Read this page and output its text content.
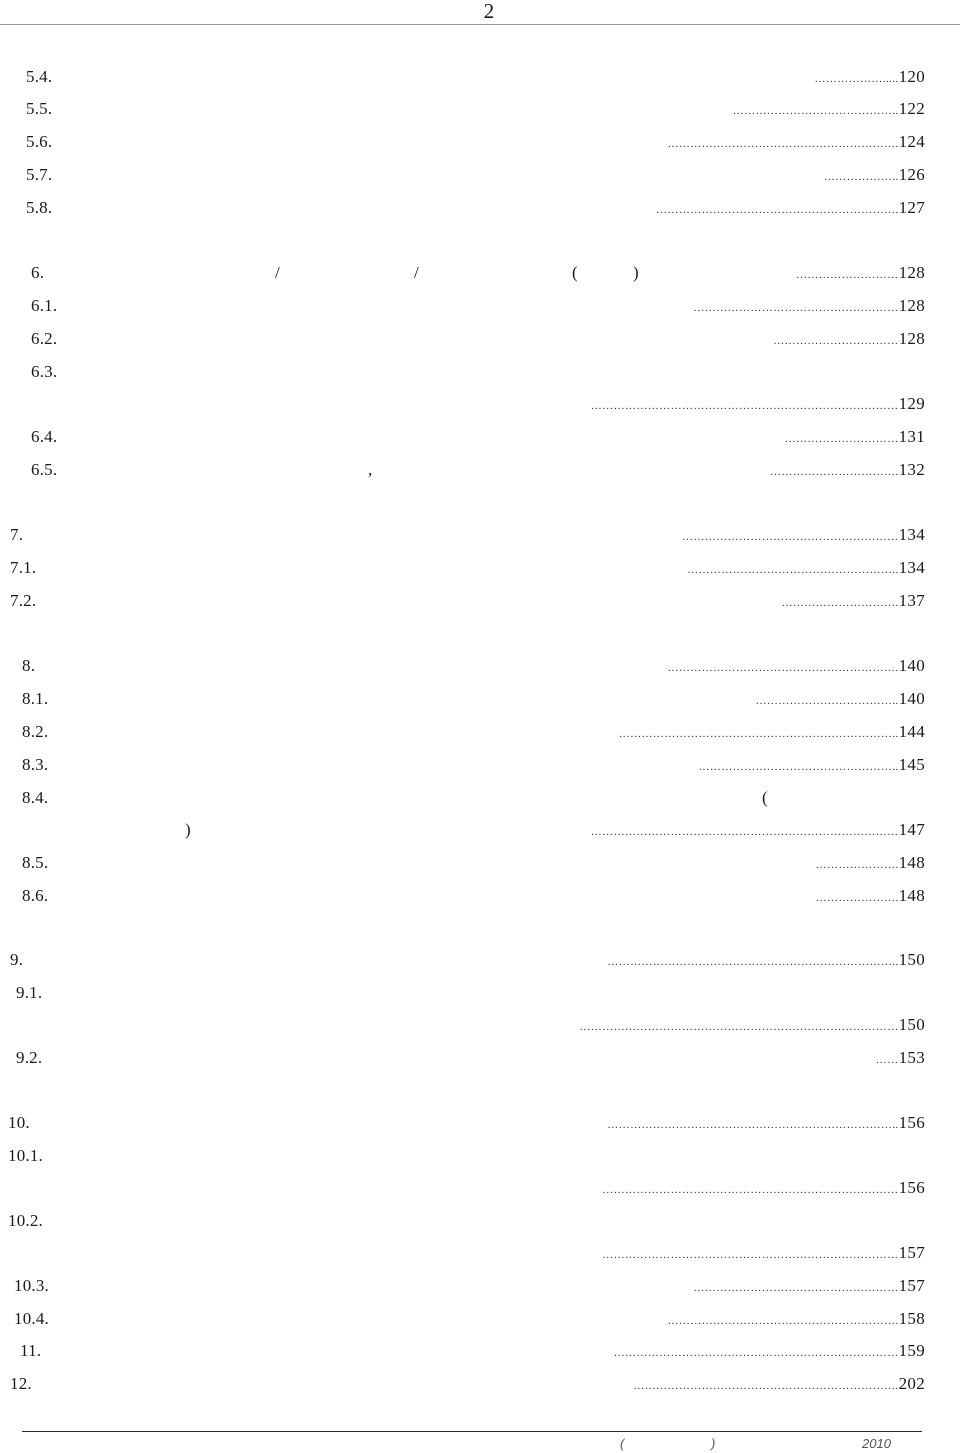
2
5.4.	……………….....120
5.5.	……………………………………..122
5.6.	…………………………………………………….124
5.7.	………………..126
5.8.	……………………………………………………….127
6.	/	/	(	)	………………………128
6.1.	………………………………………………128
6.2.	……………………………128
6.3.
………………………………………………………………………129
6.4.	…………………………131
6.5.	,	…………………………….132
7.	…………………………………………………134
7.1.	………………………………………………..134
7.2.	………………………….137
8.	…………………………………………………….140
8.1.	………………………………..140
8.2.	………………………………………………………………..144
8.3.	……………………………………………..145
8.4.	(
)	………………………………………………………………………147
8.5.	………………….148
8.6.	………………….148
9.	…………………………………………………………………..150
9.1.
…………………………………………………………………………150
9.2.	……153
10.	…………………………………………………………………..156
10.1.
……………………………………………………………………156
10.2.
……………………………………………………………………157
10.3.	………………………………………………157
10.4.	…………………………………………………….158
11.	…………………………………………………………………159
12.	…………………………………………………………….202
(	)	2010
